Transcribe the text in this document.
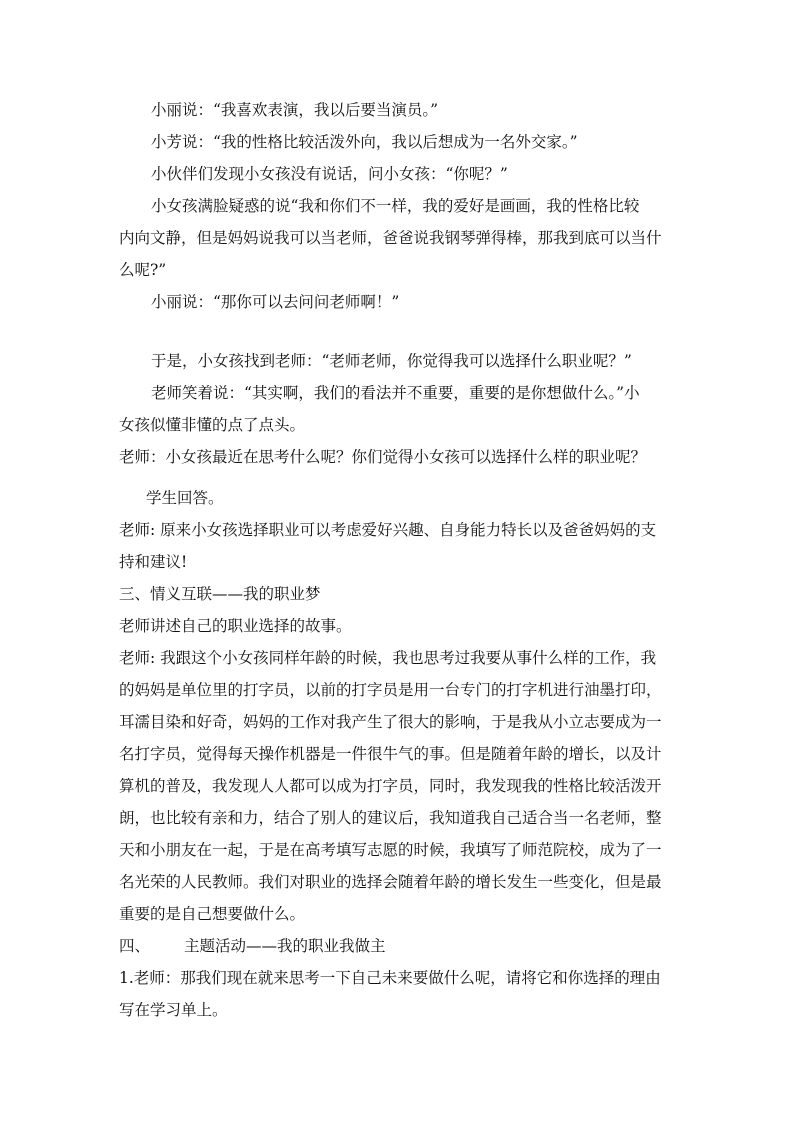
小丽说：“我喜欢表演，我以后要当演员。”
小芳说：“我的性格比较活泼外向，我以后想成为一名外交家。”
小伙伴们发现小女孩没有说话，问小女孩：“你呢？”
小女孩满脸疑惑的说“我和你们不一样，我的爱好是画画，我的性格比较
内向文静，但是妈妈说我可以当老师，爸爸说我钢琴弹得棒，那我到底可以当什
么呢?”
小丽说：“那你可以去问问老师啊！”
于是，小女孩找到老师：“老师老师，你觉得我可以选择什么职业呢？”
老师笑着说：“其实啊，我们的看法并不重要，重要的是你想做什么。”小
女孩似懂非懂的点了点头。
老师：小女孩最近在思考什么呢？你们觉得小女孩可以选择什么样的职业呢？
学生回答。
老师: 原来小女孩选择职业可以考虑爱好兴趣、自身能力特长以及爸爸妈妈的支
持和建议!
三、情义互联——我的职业梦
老师讲述自己的职业选择的故事。
老师: 我跟这个小女孩同样年龄的时候，我也思考过我要从事什么样的工作，我
的妈妈是单位里的打字员，以前的打字员是用一台专门的打字机进行油墨打印，
耳濡目染和好奇，妈妈的工作对我产生了很大的影响，于是我从小立志要成为一
名打字员，觉得每天操作机器是一件很牛气的事。但是随着年龄的增长，以及计
算机的普及，我发现人人都可以成为打字员，同时，我发现我的性格比较活泼开
朗，也比较有亲和力，结合了别人的建议后，我知道我自己适合当一名老师，整
天和小朋友在一起，于是在高考填写志愿的时候，我填写了师范院校，成为了一
名光荣的人民教师。我们对职业的选择会随着年龄的增长发生一些变化，但是最
重要的是自己想要做什么。
四、 主题活动——我的职业我做主
1.老师：那我们现在就来思考一下自己未来要做什么呢，请将它和你选择的理由
写在学习单上。
